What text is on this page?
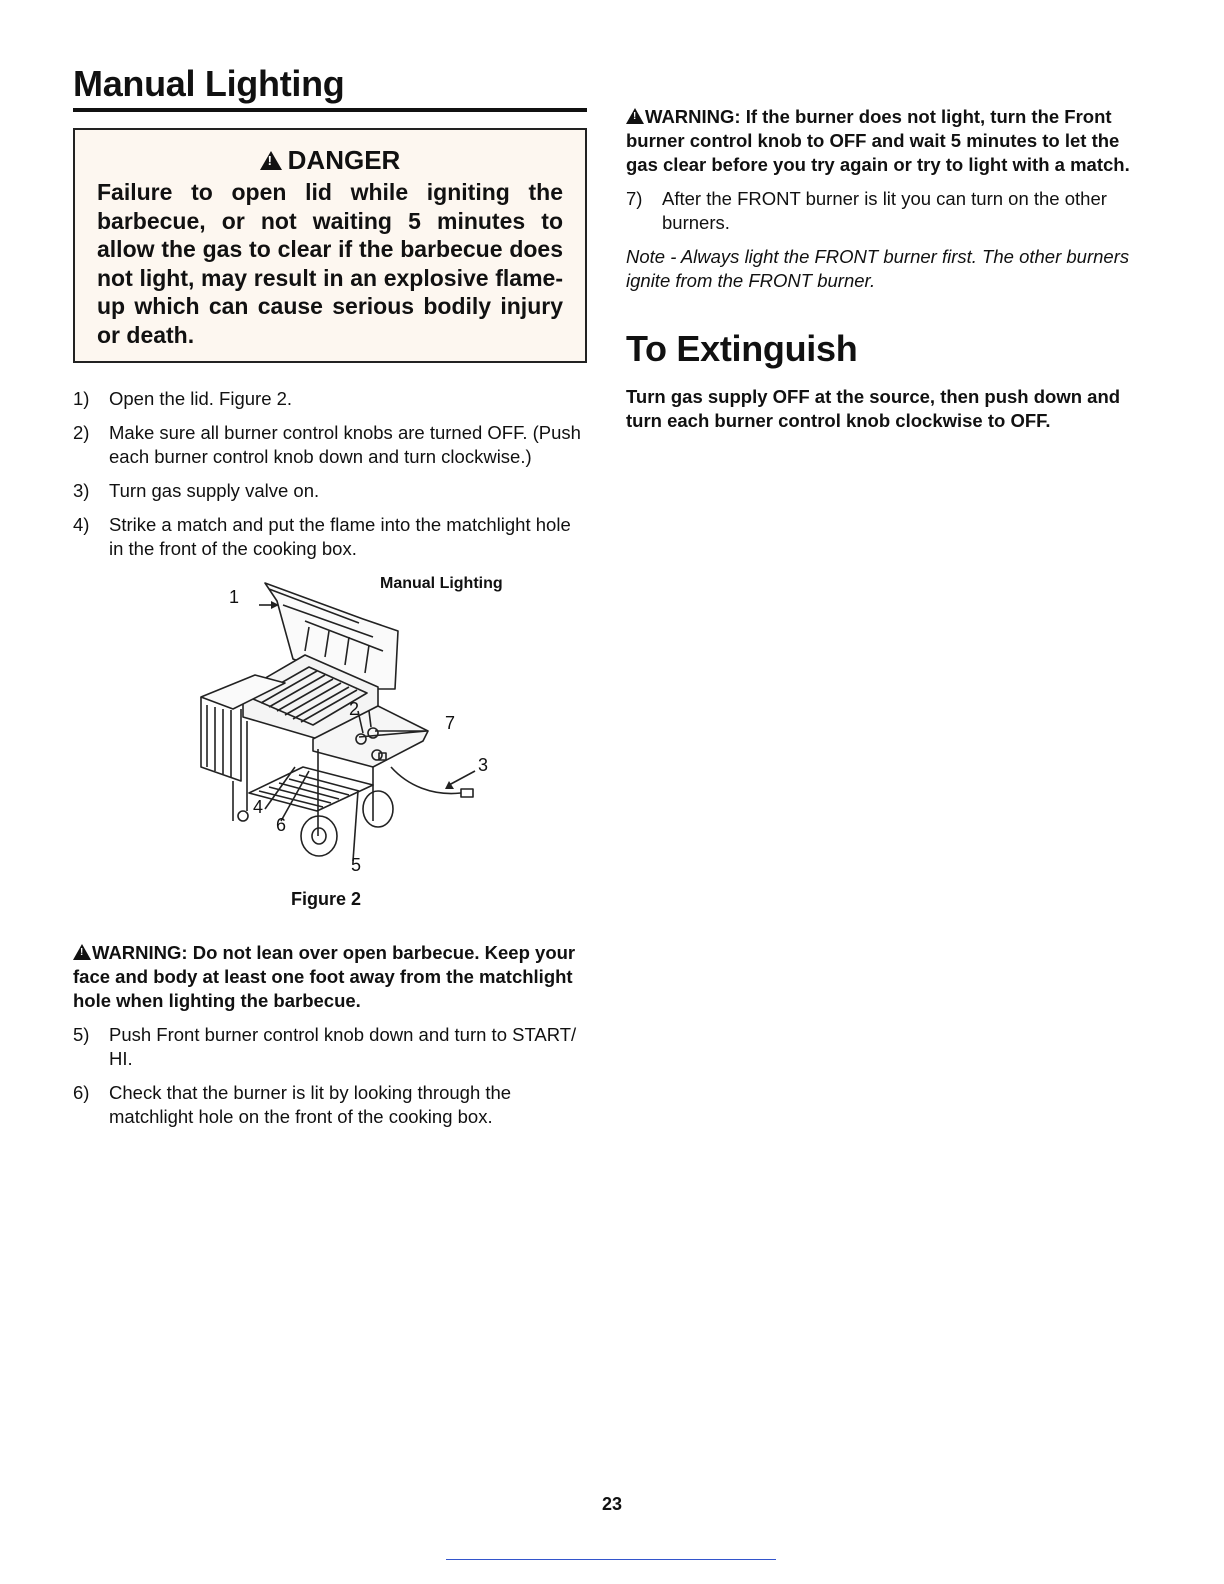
Manual Lighting
!DANGER
Failure to open lid while igniting the barbecue, or not waiting 5 minutes to allow the gas to clear if the barbecue does not light, may result in an explosive flame-up which can cause serious bodily injury or death.
1) Open the lid. Figure 2.
2) Make sure all burner control knobs are turned OFF. (Push each burner control knob down and turn clockwise.)
3) Turn gas supply valve on.
4) Strike a match and put the flame into the matchlight hole in the front of the cooking box.
Manual Lighting
1
2
3
4
5
6
7
Figure 2
!WARNING: Do not lean over open barbecue. Keep your face and body at least one foot away from the matchlight hole when lighting the barbecue.
5) Push Front burner control knob down and turn to START/ HI.
6) Check that the burner is lit by looking through the matchlight hole on the front of the cooking box.
!WARNING: If the burner does not light, turn the Front burner control knob to OFF and wait 5 minutes to let the gas clear before you try again or try to light with a match.
7) After the FRONT burner is lit you can turn on the other burners.
Note - Always light the FRONT burner first. The other burners ignite from the FRONT burner.
To Extinguish
Turn gas supply OFF at the source, then push down and turn each burner control knob clockwise to OFF.
23
